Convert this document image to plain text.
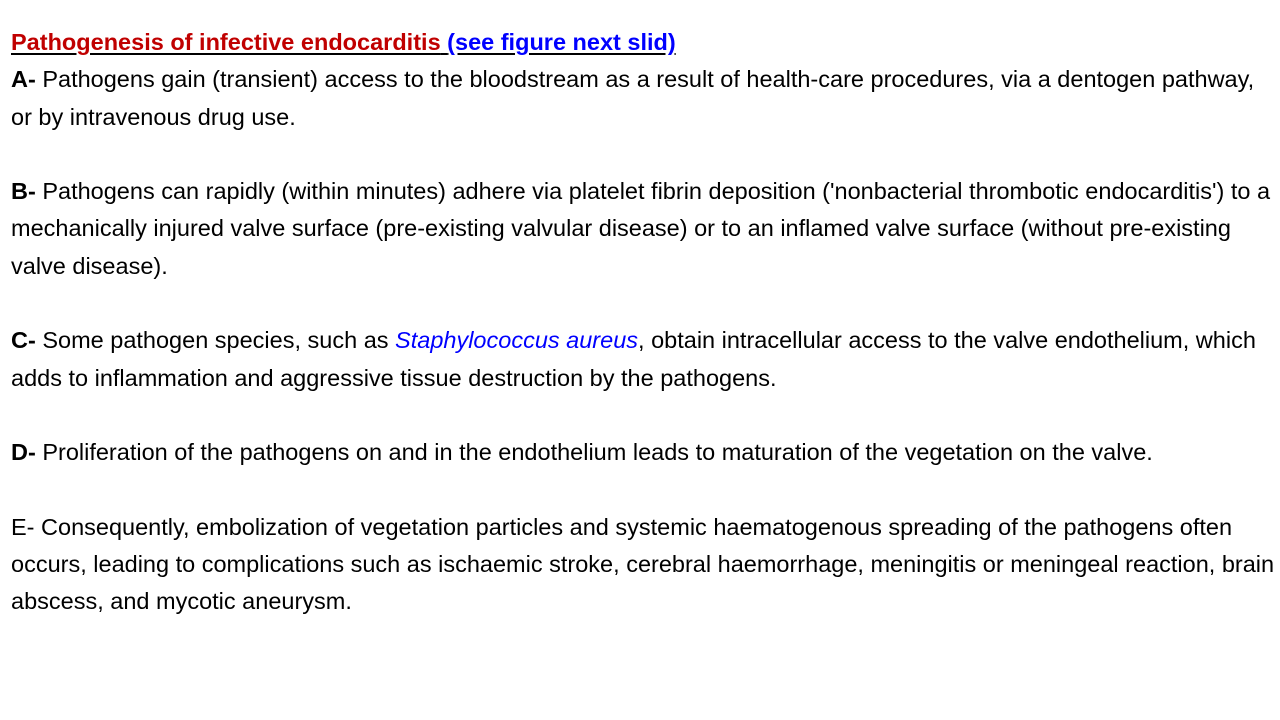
Pathogenesis of infective endocarditis (see figure next slid)

A- Pathogens gain (transient) access to the bloodstream as a result of health-care procedures, via a dentogen pathway, or by intravenous drug use.

B- Pathogens can rapidly (within minutes) adhere via platelet fibrin deposition ('nonbacterial thrombotic endocarditis') to a mechanically injured valve surface (pre-existing valvular disease) or to an inflamed valve surface (without pre-existing valve disease).

C- Some pathogen species, such as Staphylococcus aureus, obtain intracellular access to the valve endothelium, which adds to inflammation and aggressive tissue destruction by the pathogens.

D- Proliferation of the pathogens on and in the endothelium leads to maturation of the vegetation on the valve.

E- Consequently, embolization of vegetation particles and systemic haematogenous spreading of the pathogens often occurs, leading to complications such as ischaemic stroke, cerebral haemorrhage, meningitis or meningeal reaction, brain abscess, and mycotic aneurysm.
